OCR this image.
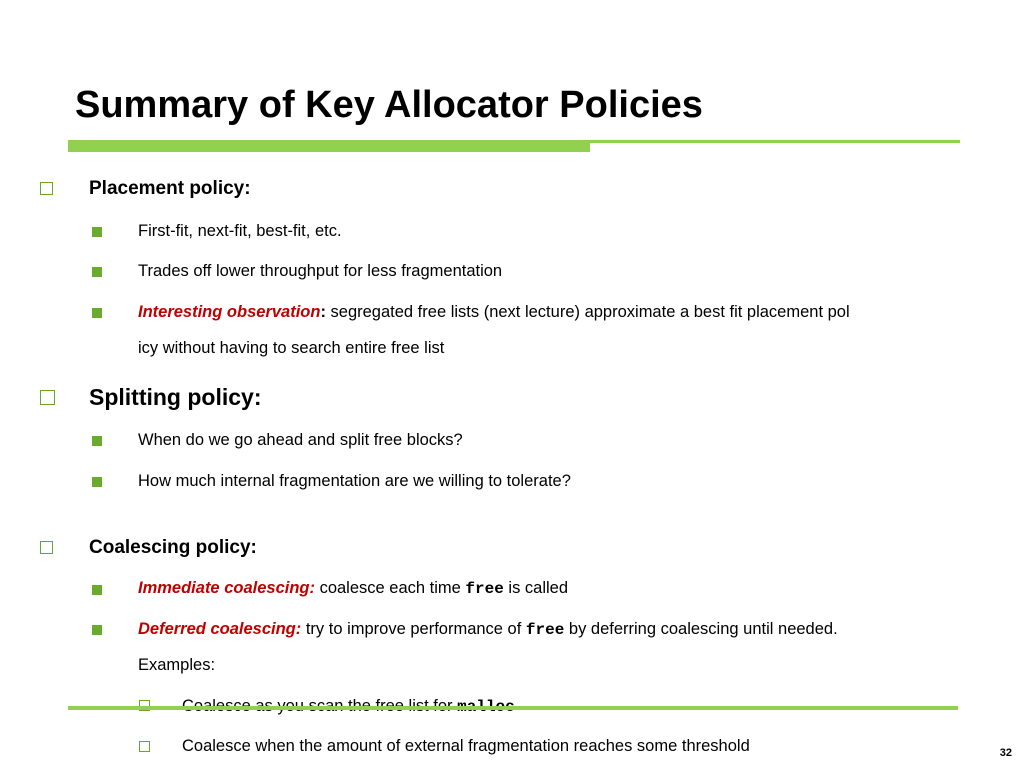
Summary of Key Allocator Policies
Placement policy:
First-fit, next-fit, best-fit, etc.
Trades off lower throughput for less fragmentation
Interesting observation: segregated free lists (next lecture) approximate a best fit placement pol
icy without having to search entire free list
Splitting policy:
When do we go ahead and split free blocks?
How much internal fragmentation are we willing to tolerate?
Coalescing policy:
Immediate coalescing: coalesce each time free is called
Deferred coalescing: try to improve performance of free by deferring coalescing until needed.
Examples:
Coalesce when the amount of external fragmentation reaches some threshold	32
